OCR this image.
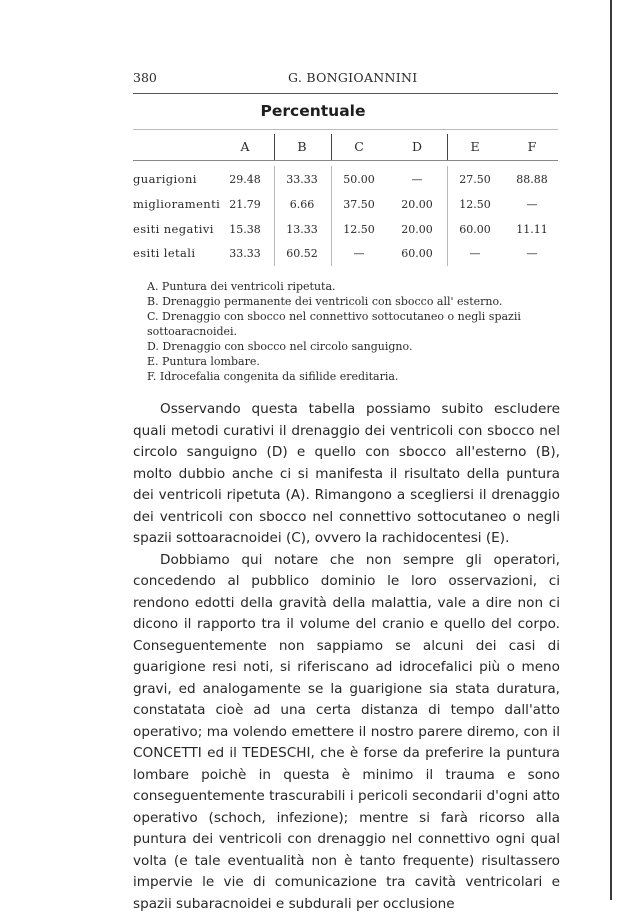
380	G. BONGIOANNINI
Percentuale
A	B	C	D	E	F
guarigioni	29.48	33.33	50.00	—	27.50	88.88
miglioramenti 21.79	6.66	37.50	20.00	12.50	—
esiti negativi	15.38	13.33	12.50	20.00	60.00	11.11
esiti letali	33.33	60.52	—	60.00	—	—

A. Puntura dei ventricoli ripetuta.

B. Drenaggio permanente dei ventricoli con sbocco all' esterno.

C. Drenaggio con sbocco nel connettivo sottocutaneo o negli spazii sottoaracnoidei.

D. Drenaggio con sbocco nel circolo sanguigno.

E. Puntura lombare.

F. Idrocefalia congenita da sifilide ereditaria.

Osservando questa tabella possiamo subito escludere quali metodi curativi il drenaggio dei ventricoli con sbocco nel circolo sanguigno (D) e quello con sbocco all'esterno (B), molto dubbio anche ci si manifesta il risultato della puntura dei ventricoli ripetuta (A). Rimangono a scegliersi il drenaggio dei ventricoli con sbocco nel connettivo sottocutaneo o negli spazii sottoaracnoidei (C), ovvero la rachidocentesi (E).

Dobbiamo qui notare che non sempre gli operatori, concedendo al pubblico dominio le loro osservazioni, ci rendono edotti della gravità della malattia, vale a dire non ci dicono il rapporto tra il volume del cranio e quello del corpo. Conseguentemente non sappiamo se alcuni dei casi di guarigione resi noti, si riferiscano ad idrocefalici più o meno gravi, ed analogamente se la guarigione sia stata duratura, constatata cioè ad una certa distanza di tempo dall'atto operativo; ma volendo emettere il nostro parere diremo, con il CONCETTI ed il TEDESCHI, che è forse da preferire la puntura lombare poichè in questa è minimo il trauma e sono conseguentemente trascurabili i pericoli secondarii d'ogni atto operativo (schoch, infezione); mentre si farà ricorso alla puntura dei ventricoli con drenaggio nel connettivo ogni qual volta (e tale eventualità non è tanto frequente) risultassero impervie le vie di comunicazione tra cavità ventricolari e spazii subaracnoidei e subdurali per occlusione
